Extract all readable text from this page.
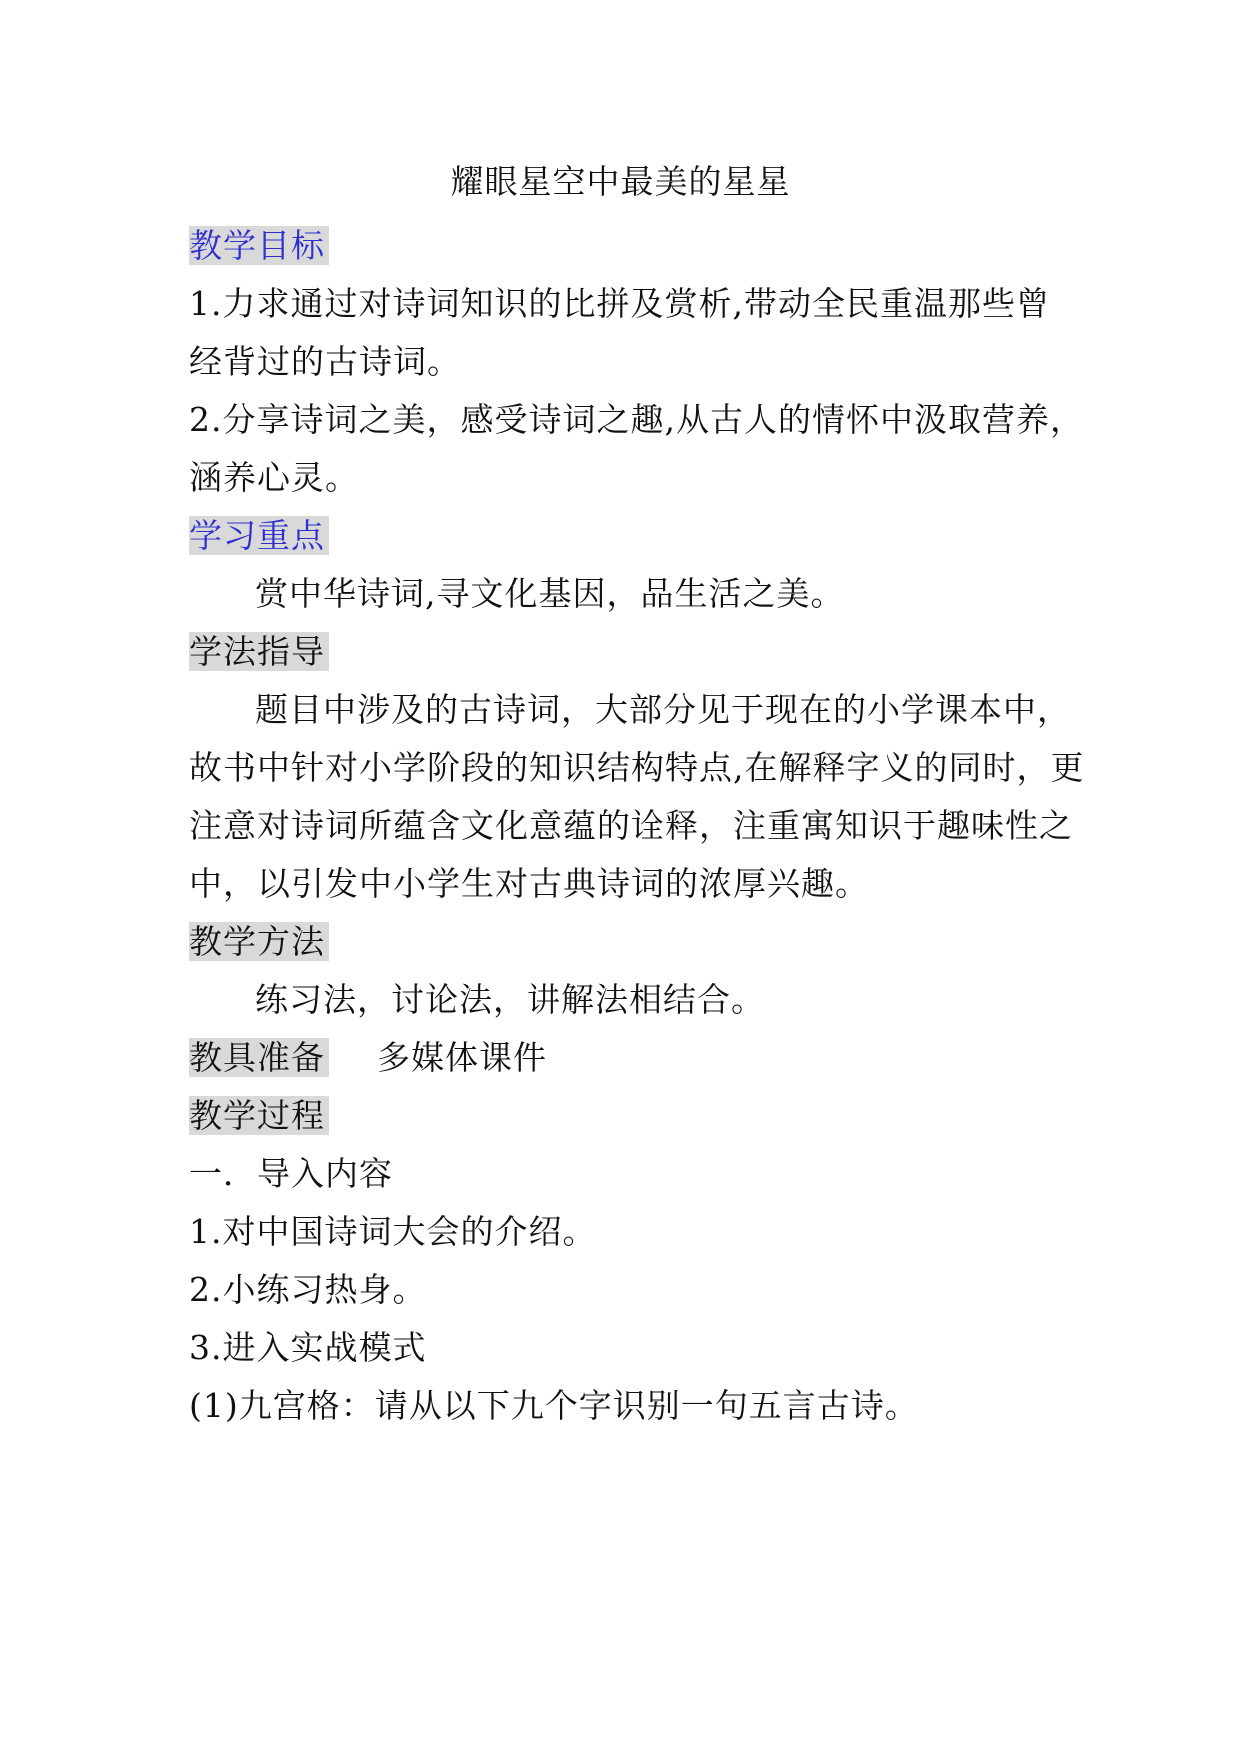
耀眼星空中最美的星星
教学目标
1.力求通过对诗词知识的比拼及赏析,带动全民重温那些曾
经背过的古诗词。
2.分享诗词之美，感受诗词之趣,从古人的情怀中汲取营养，
涵养心灵。
学习重点
赏中华诗词,寻文化基因，品生活之美。
学法指导
题目中涉及的古诗词，大部分见于现在的小学课本中，
故书中针对小学阶段的知识结构特点,在解释字义的同时，更
注意对诗词所蕴含文化意蕴的诠释，注重寓知识于趣味性之
中，以引发中小学生对古典诗词的浓厚兴趣。
教学方法
练习法，讨论法，讲解法相结合。
教具准备 多媒体课件
教学过程
一．导入内容
1.对中国诗词大会的介绍。
2.小练习热身。
3.进入实战模式
(1)九宫格：请从以下九个字识别一句五言古诗。
